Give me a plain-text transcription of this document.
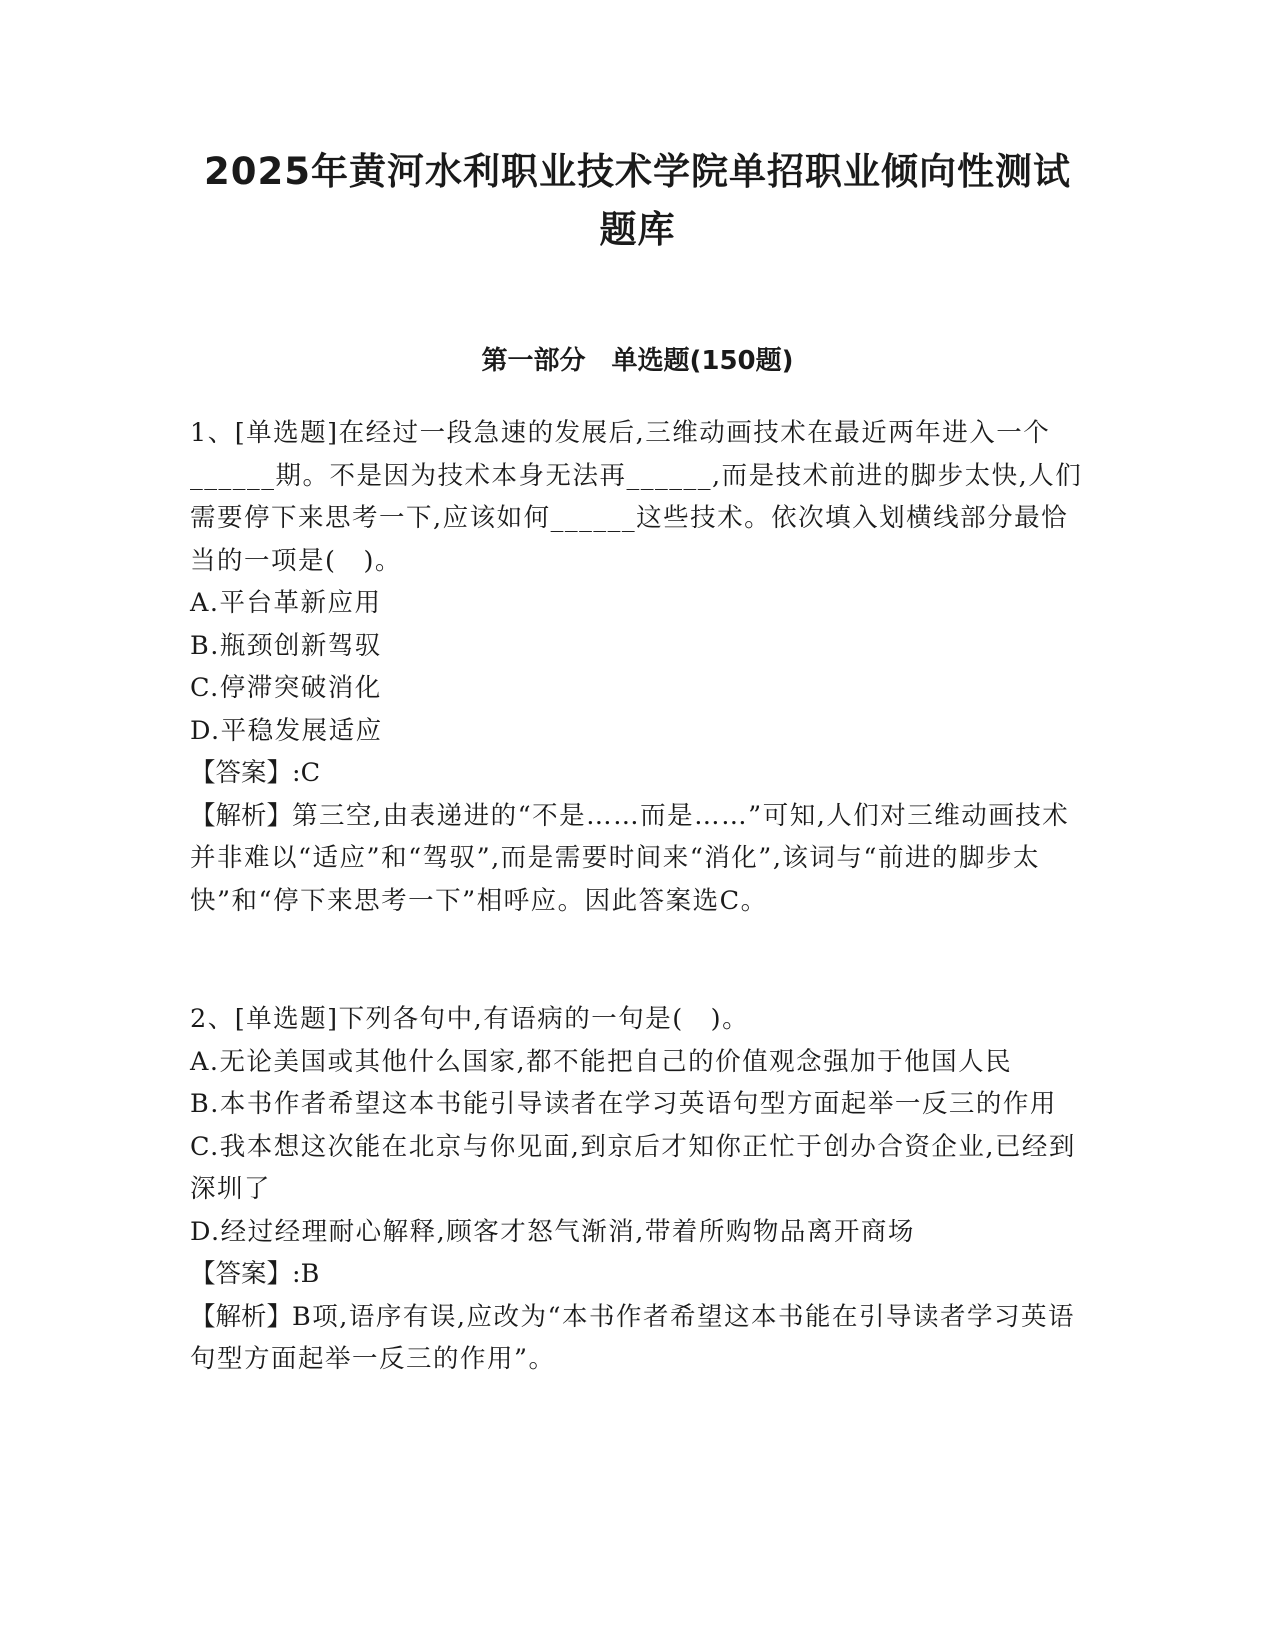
2025年黄河水利职业技术学院单招职业倾向性测试题库
第一部分　单选题(150题)

1、[单选题]在经过一段急速的发展后,三维动画技术在最近两年进入一个______期。不是因为技术本身无法再______,而是技术前进的脚步太快,人们需要停下来思考一下,应该如何______这些技术。依次填入划横线部分最恰当的一项是(　)。

A.平台革新应用

B.瓶颈创新驾驭

C.停滞突破消化

D.平稳发展适应

【答案】:C

【解析】第三空,由表递进的“不是……而是……”可知,人们对三维动画技术并非难以“适应”和“驾驭”,而是需要时间来“消化”,该词与“前进的脚步太快”和“停下来思考一下”相呼应。因此答案选C。

2、[单选题]下列各句中,有语病的一句是(　)。

A.无论美国或其他什么国家,都不能把自己的价值观念强加于他国人民

B.本书作者希望这本书能引导读者在学习英语句型方面起举一反三的作用

C.我本想这次能在北京与你见面,到京后才知你正忙于创办合资企业,已经到深圳了

D.经过经理耐心解释,顾客才怒气渐消,带着所购物品离开商场

【答案】:B

【解析】B项,语序有误,应改为“本书作者希望这本书能在引导读者学习英语句型方面起举一反三的作用”。
